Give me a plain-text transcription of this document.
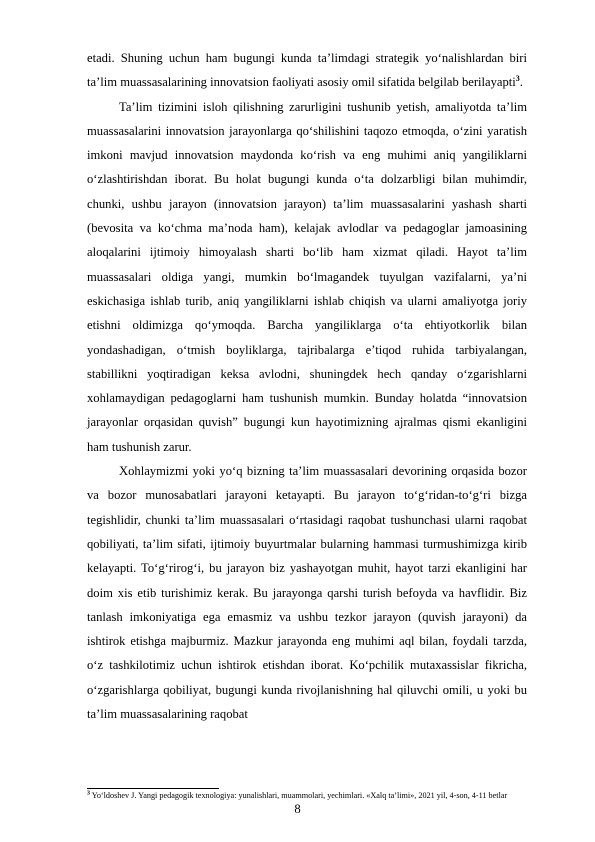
etadi. Shuning uchun ham bugungi kunda ta’limdagi strategik yo‘nalishlardan biri ta’lim muassasalarining innovatsion faoliyati asosiy omil sifatida belgilab berilayapti$^3$.

Ta’lim tizimini isloh qilishning zarurligini tushunib yetish, amaliyotda ta’lim muassasalarini innovatsion jarayonlarga qo‘shilishini taqozo etmoqda, o‘zini yaratish imkoni mavjud innovatsion maydonda ko‘rish va eng muhimi aniq yangiliklarni o‘zlashtirishdan iborat. Bu holat bugungi kunda o‘ta dolzarbligi bilan muhimdir, chunki, ushbu jarayon (innovatsion jarayon) ta’lim muassasalarini yashash sharti (bevosita va ko‘chma ma’noda ham), kelajak avlodlar va pedagoglar jamoasining aloqalarini ijtimoiy himoyalash sharti bo‘lib ham xizmat qiladi. Hayot ta’lim muassasalari oldiga yangi, mumkin bo‘lmagandek tuyulgan vazifalarni, ya’ni eskichasiga ishlab turib, aniq yangiliklarni ishlab chiqish va ularni amaliyotga joriy etishni oldimizga qo‘ymoqda. Barcha yangiliklarga o‘ta ehtiyotkorlik bilan yondashadigan, o‘tmish boyliklarga, tajribalarga e’tiqod ruhida tarbiyalangan, stabillikni yoqtiradigan keksa avlodni, shuningdek hech qanday o‘zgarishlarni xohlamaydigan pedagoglarni ham tushunish mumkin. Bunday holatda “innovatsion jarayonlar orqasidan quvish” bugungi kun hayotimizning ajralmas qismi ekanligini ham tushunish zarur.

Xohlaymizmi yoki yo‘q bizning ta’lim muassasalari devorining orqasida bozor va bozor munosabatlari jarayoni ketayapti. Bu jarayon to‘g‘ridan-to‘g‘ri bizga tegishlidir, chunki ta’lim muassasalari o‘rtasidagi raqobat tushunchasi ularni raqobat qobiliyati, ta’lim sifati, ijtimoiy buyurtmalar bularning hammasi turmushimizga kirib kelayapti. To‘g‘rirog‘i, bu jarayon biz yashayotgan muhit, hayot tarzi ekanligini har doim xis etib turishimiz kerak. Bu jarayonga qarshi turish befoyda va havflidir. Biz tanlash imkoniyatiga ega emasmiz va ushbu tezkor jarayon (quvish jarayoni) da ishtirok etishga majburmiz. Mazkur jarayonda eng muhimi aql bilan, foydali tarzda, o‘z tashkilotimiz uchun ishtirok etishdan iborat. Ko‘pchilik mutaxassislar fikricha, o‘zgarishlarga qobiliyat, bugungi kunda rivojlanishning hal qiluvchi omili, u yoki bu ta’lim muassasalarining raqobat

$^3$ Yo‘ldoshev J. Yangi pedagogik texnologiya: yunalishlari, muammolari, yechimlari. «Xalq ta’limi», 2021 yil, 4-son, 4-11 betlar
8
